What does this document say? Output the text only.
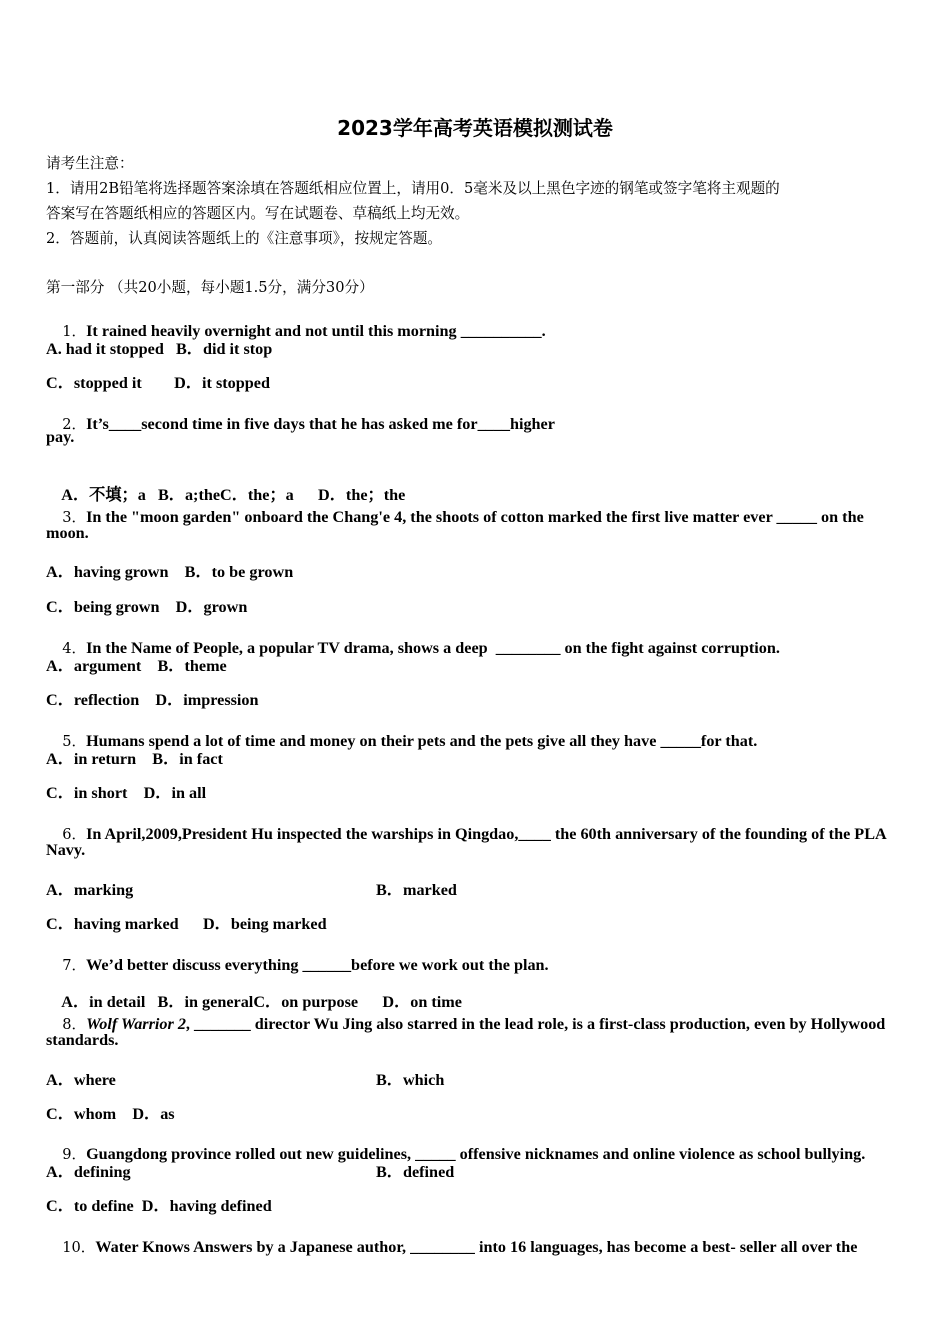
2023学年高考英语模拟测试卷
请考生注意：
1．请用2B铅笔将选择题答案涂填在答题纸相应位置上，请用0．5毫米及以上黑色字迹的钢笔或签字笔将主观题的
答案写在答题纸相应的答题区内。写在试题卷、草稿纸上均无效。
2．答题前，认真阅读答题纸上的《注意事项》，按规定答题。
第一部分 （共20小题，每小题1.5分，满分30分）

1．It rained heavily overnight and not until this morning __________.

A. had it stopped   B．did it stop
C．stopped it        D．it stopped

2．It’s____second time in five days that he has asked me for____higher

pay.

A．不填；a   B．a;theC．the；a      D．the；the

3．In the "moon garden" onboard the Chang'e 4, the shoots of cotton marked the first live matter ever _____ on the

moon.
A．having grown    B．to be grown
C．being grown    D．grown

4．In the Name of People, a popular TV drama, shows a deep  ________ on the fight against corruption.

A．argument    B．theme
C．reflection    D．impression

5．Humans spend a lot of time and money on their pets and the pets give all they have _____for that.

A．in return    B．in fact
C．in short    D．in all

6．In April,2009,President Hu inspected the warships in Qingdao,____ the 60th anniversary of the founding of the PLA

Navy.
A．marking	B．marked
C．having marked      D．being marked

7．We’d better discuss everything ______before we work out the plan.

A．in detail   B．in generalC．on purpose      D．on time

8．Wolf Warrior 2, _______ director Wu Jing also starred in the lead role, is a first-class production, even by Hollywood

standards.
A．where	B．which
C．whom    D．as

9．Guangdong province rolled out new guidelines, _____ offensive nicknames and online violence as school bullying.

A．defining	B．defined
C．to define  D．having defined

10．Water Knows Answers by a Japanese author, ________ into 16 languages, has become a best- seller all over the
